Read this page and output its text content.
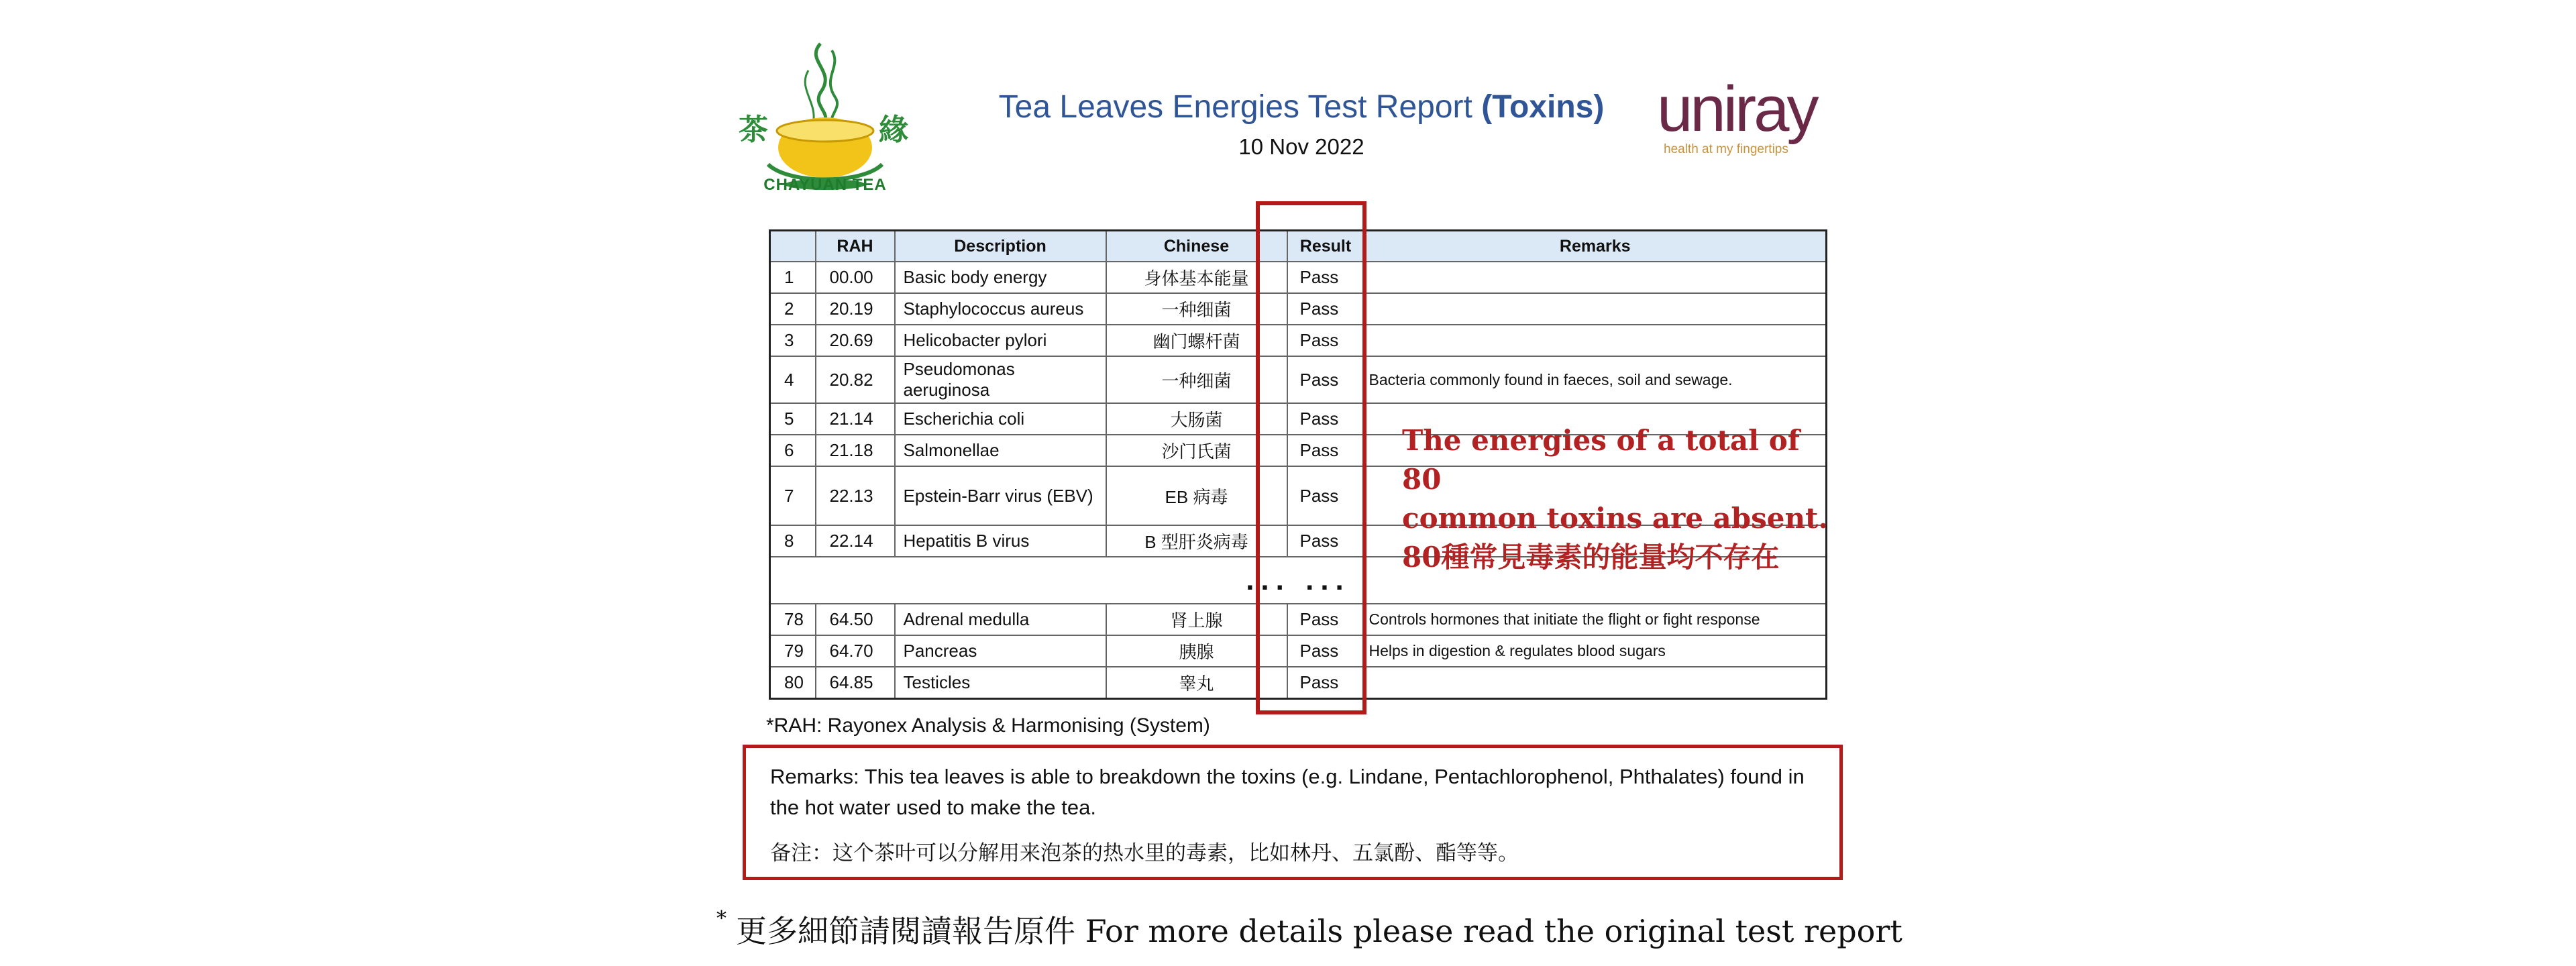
茶	緣
CHAYUAN TEA
uniray
health at my fingertips
Tea Leaves Energies Test Report (Toxins)
10 Nov 2022
	RAH	Description	Chinese	Result	Remarks
1	00.00	Basic body energy	身体基本能量	Pass	
2	20.19	Staphylococcus aureus	一种细菌	Pass	
3	20.69	Helicobacter pylori	幽门螺杆菌	Pass	
4	20.82	Pseudomonas aeruginosa	一种细菌	Pass	Bacteria commonly found in faeces, soil and sewage.
5	21.14	Escherichia coli	大肠菌	Pass	
6	21.18	Salmonellae	沙门氏菌	Pass	
7	22.13	Epstein-Barr virus (EBV)	EB 病毒	Pass	
8	22.14	Hepatitis B virus	B 型肝炎病毒	Pass	
... ...					
78	64.50	Adrenal medulla	肾上腺	Pass	Controls hormones that initiate the flight or fight response
79	64.70	Pancreas	胰腺	Pass	Helps in digestion & regulates blood sugars
80	64.85	Testicles	睾丸	Pass	
The energies of a total of 80
common toxins are absent.
80種常見毒素的能量均不存在
*RAH: Rayonex Analysis & Harmonising (System)
Remarks: This tea leaves is able to breakdown the toxins (e.g. Lindane, Pentachlorophenol, Phthalates) found in the hot water used to make the tea.
备注：这个茶叶可以分解用来泡茶的热水里的毒素，比如林丹、五氯酚、酯等等。
* 更多細節請閱讀報告原件 For more details please read the original test report
